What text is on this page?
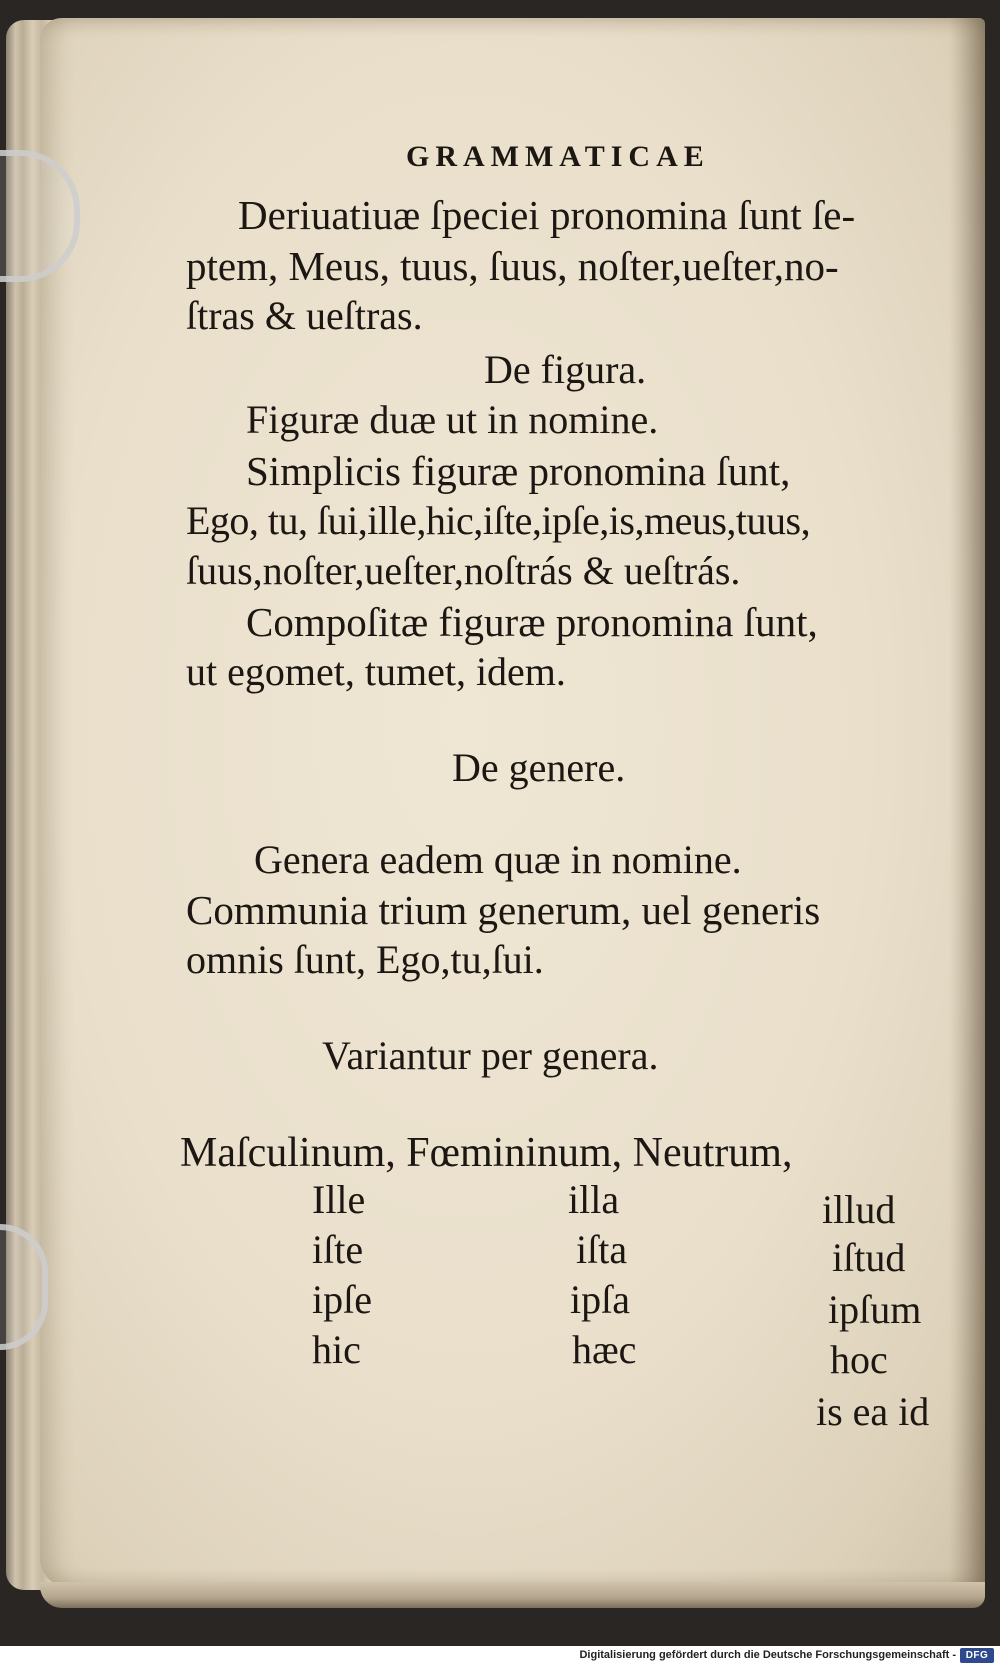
GRAMMATICAE
Deriuatiuæ ſpeciei pronomina ſunt ſe-
ptem, Meus, tuus, ſuus, noſter,ueſter,no-
ſtras & ueſtras.
De figura.
Figuræ duæ ut in nomine.
Simplicis figuræ pronomina ſunt,
Ego, tu, ſui,ille,hic,iſte,ipſe,is,meus,tuus,
ſuus,noſter,ueſter,noſtrás & ueſtrás.
Compoſitæ figuræ pronomina ſunt,
ut egomet, tumet, idem.
De genere.
Genera eadem quæ in nomine.
Communia trium generum, uel generis
omnis ſunt, Ego,tu,ſui.
Variantur per genera.
Maſculinum, Fœmininum, Neutrum,
Ille
iſte
ipſe
hic
illa
iſta
ipſa
hæc
illud
iſtud
ipſum
hoc
is ea id
Digitalisierung gefördert durch die Deutsche Forschungsgemeinschaft - DFG
